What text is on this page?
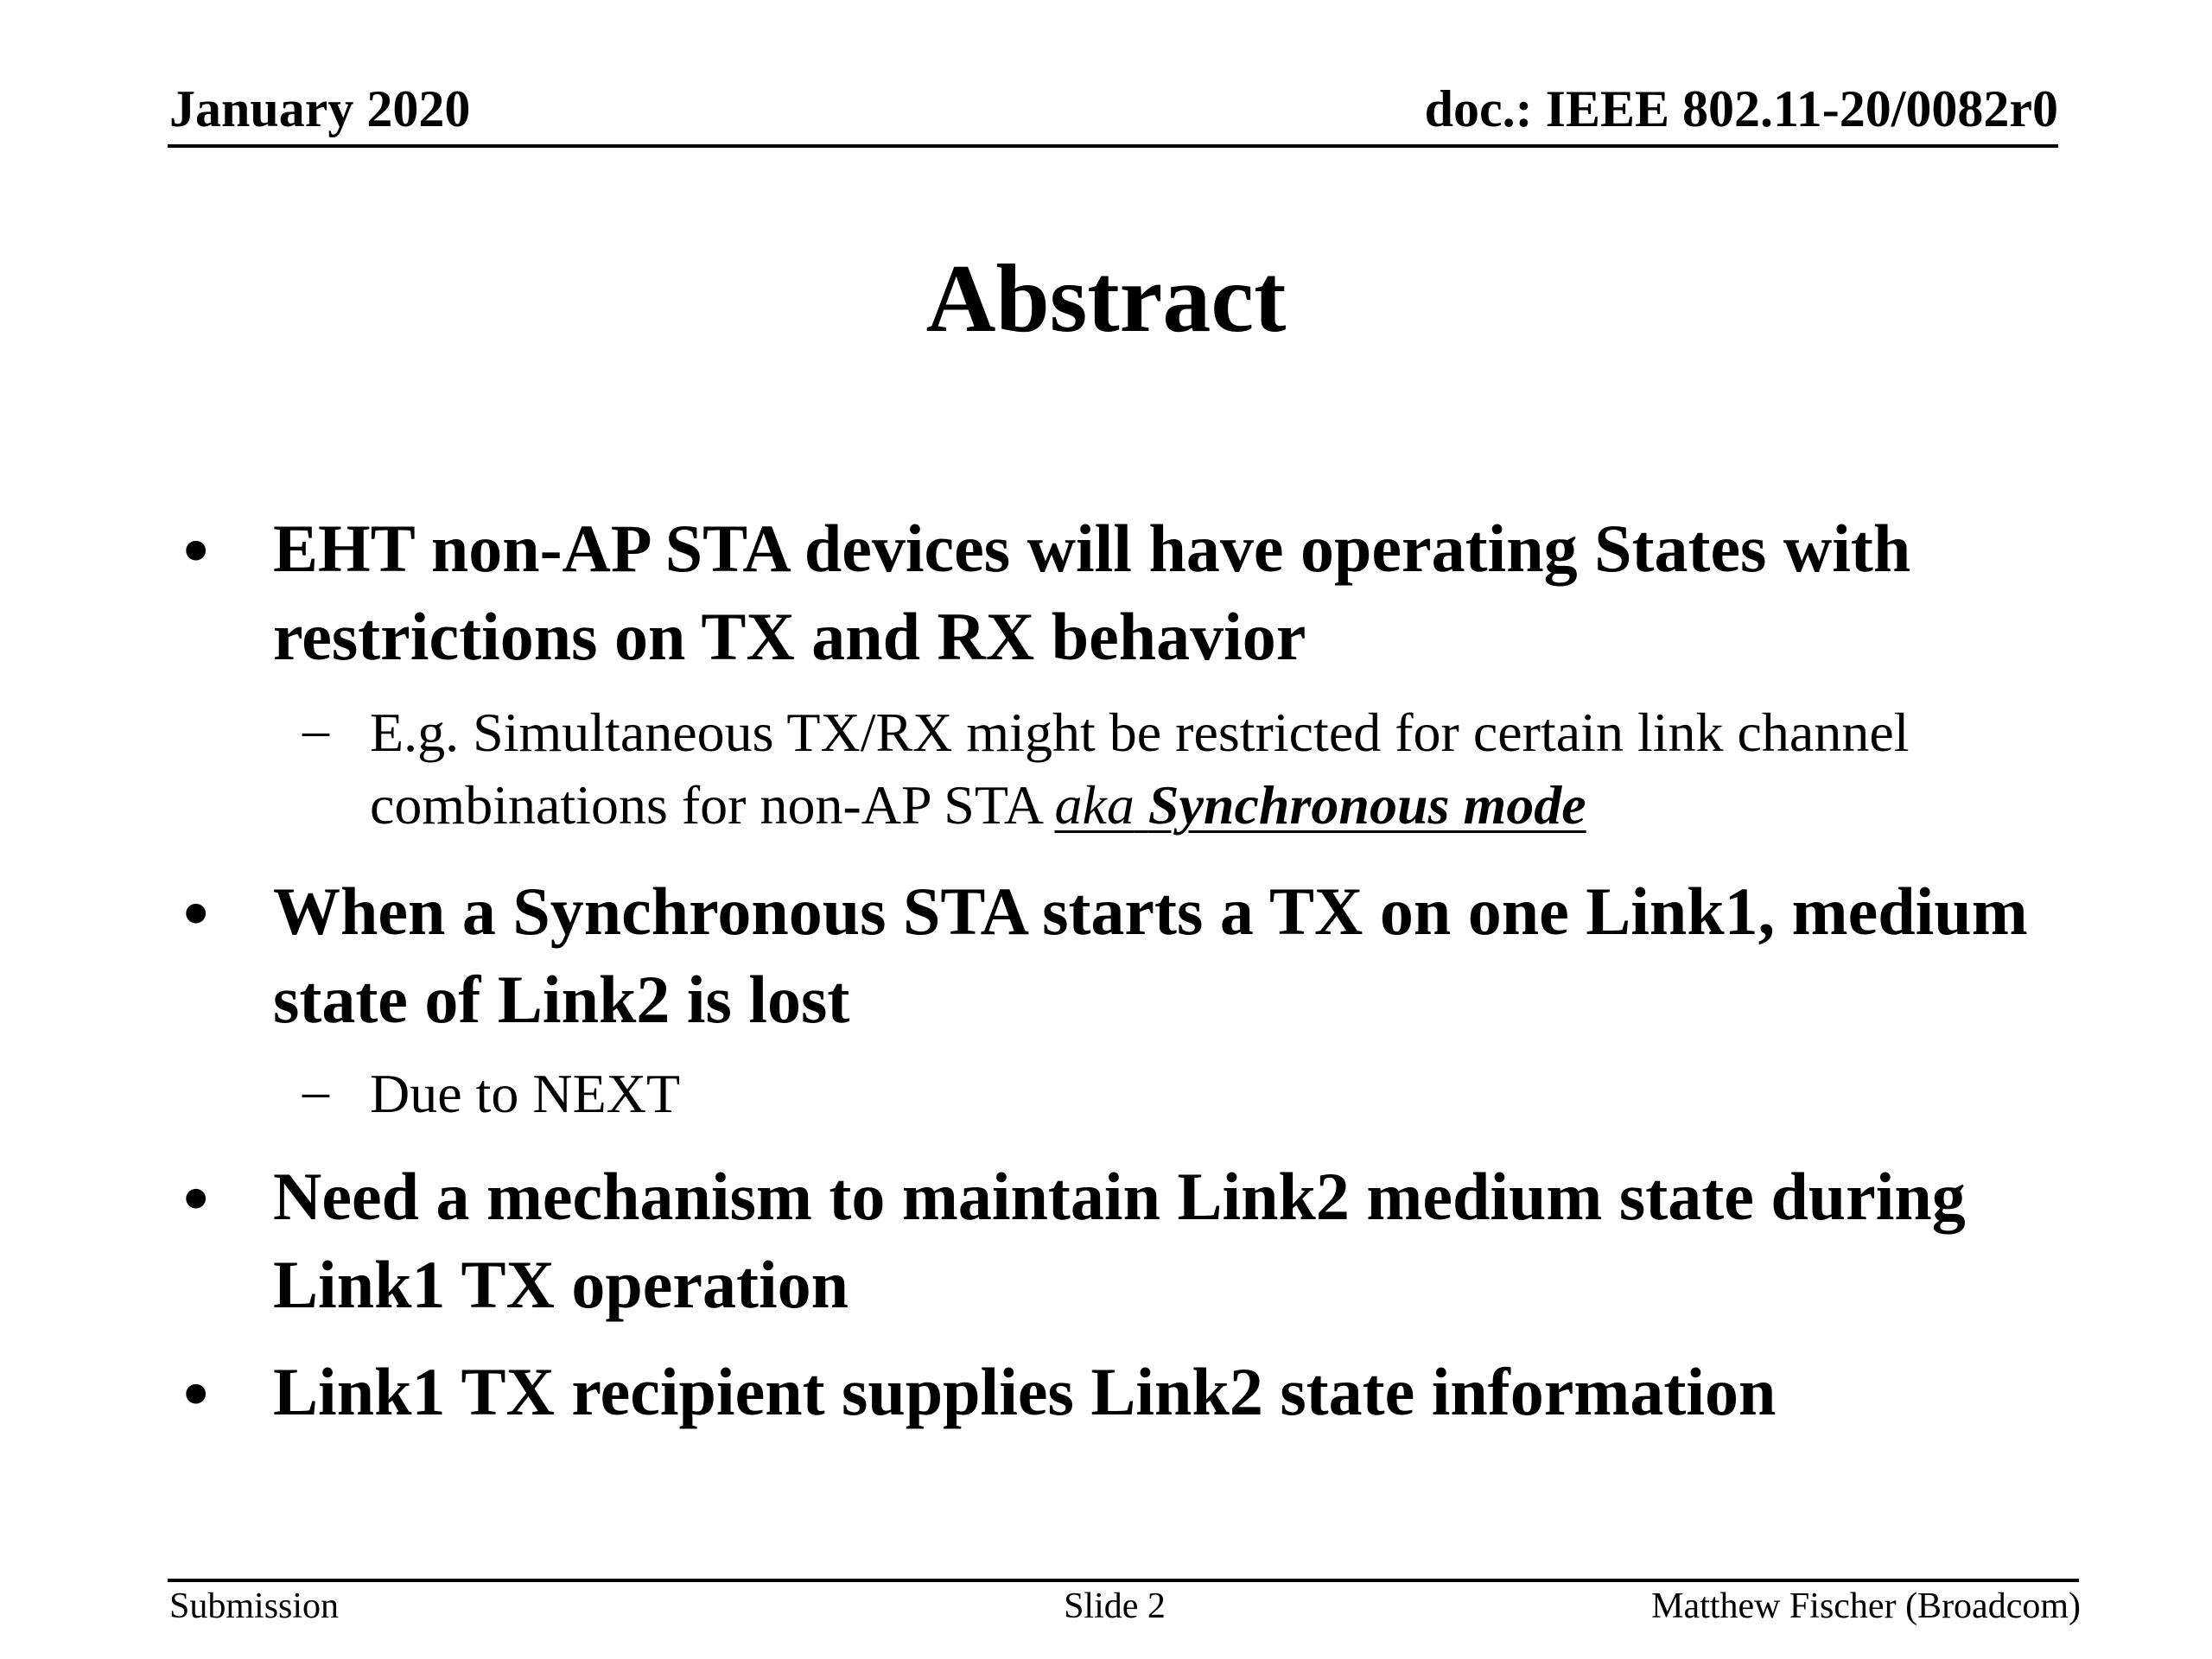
January 2020	doc.: IEEE 802.11-20/0082r0
Abstract
• EHT non-AP STA devices will have operating States with restrictions on TX and RX behavior
– E.g. Simultaneous TX/RX might be restricted for certain link channel combinations for non-AP STA aka Synchronous mode
• When a Synchronous STA starts a TX on one Link1, medium state of Link2 is lost
– Due to NEXT
• Need a mechanism to maintain Link2 medium state during Link1 TX operation
• Link1 TX recipient supplies Link2 state information
Submission	Slide 2	Matthew Fischer (Broadcom)
